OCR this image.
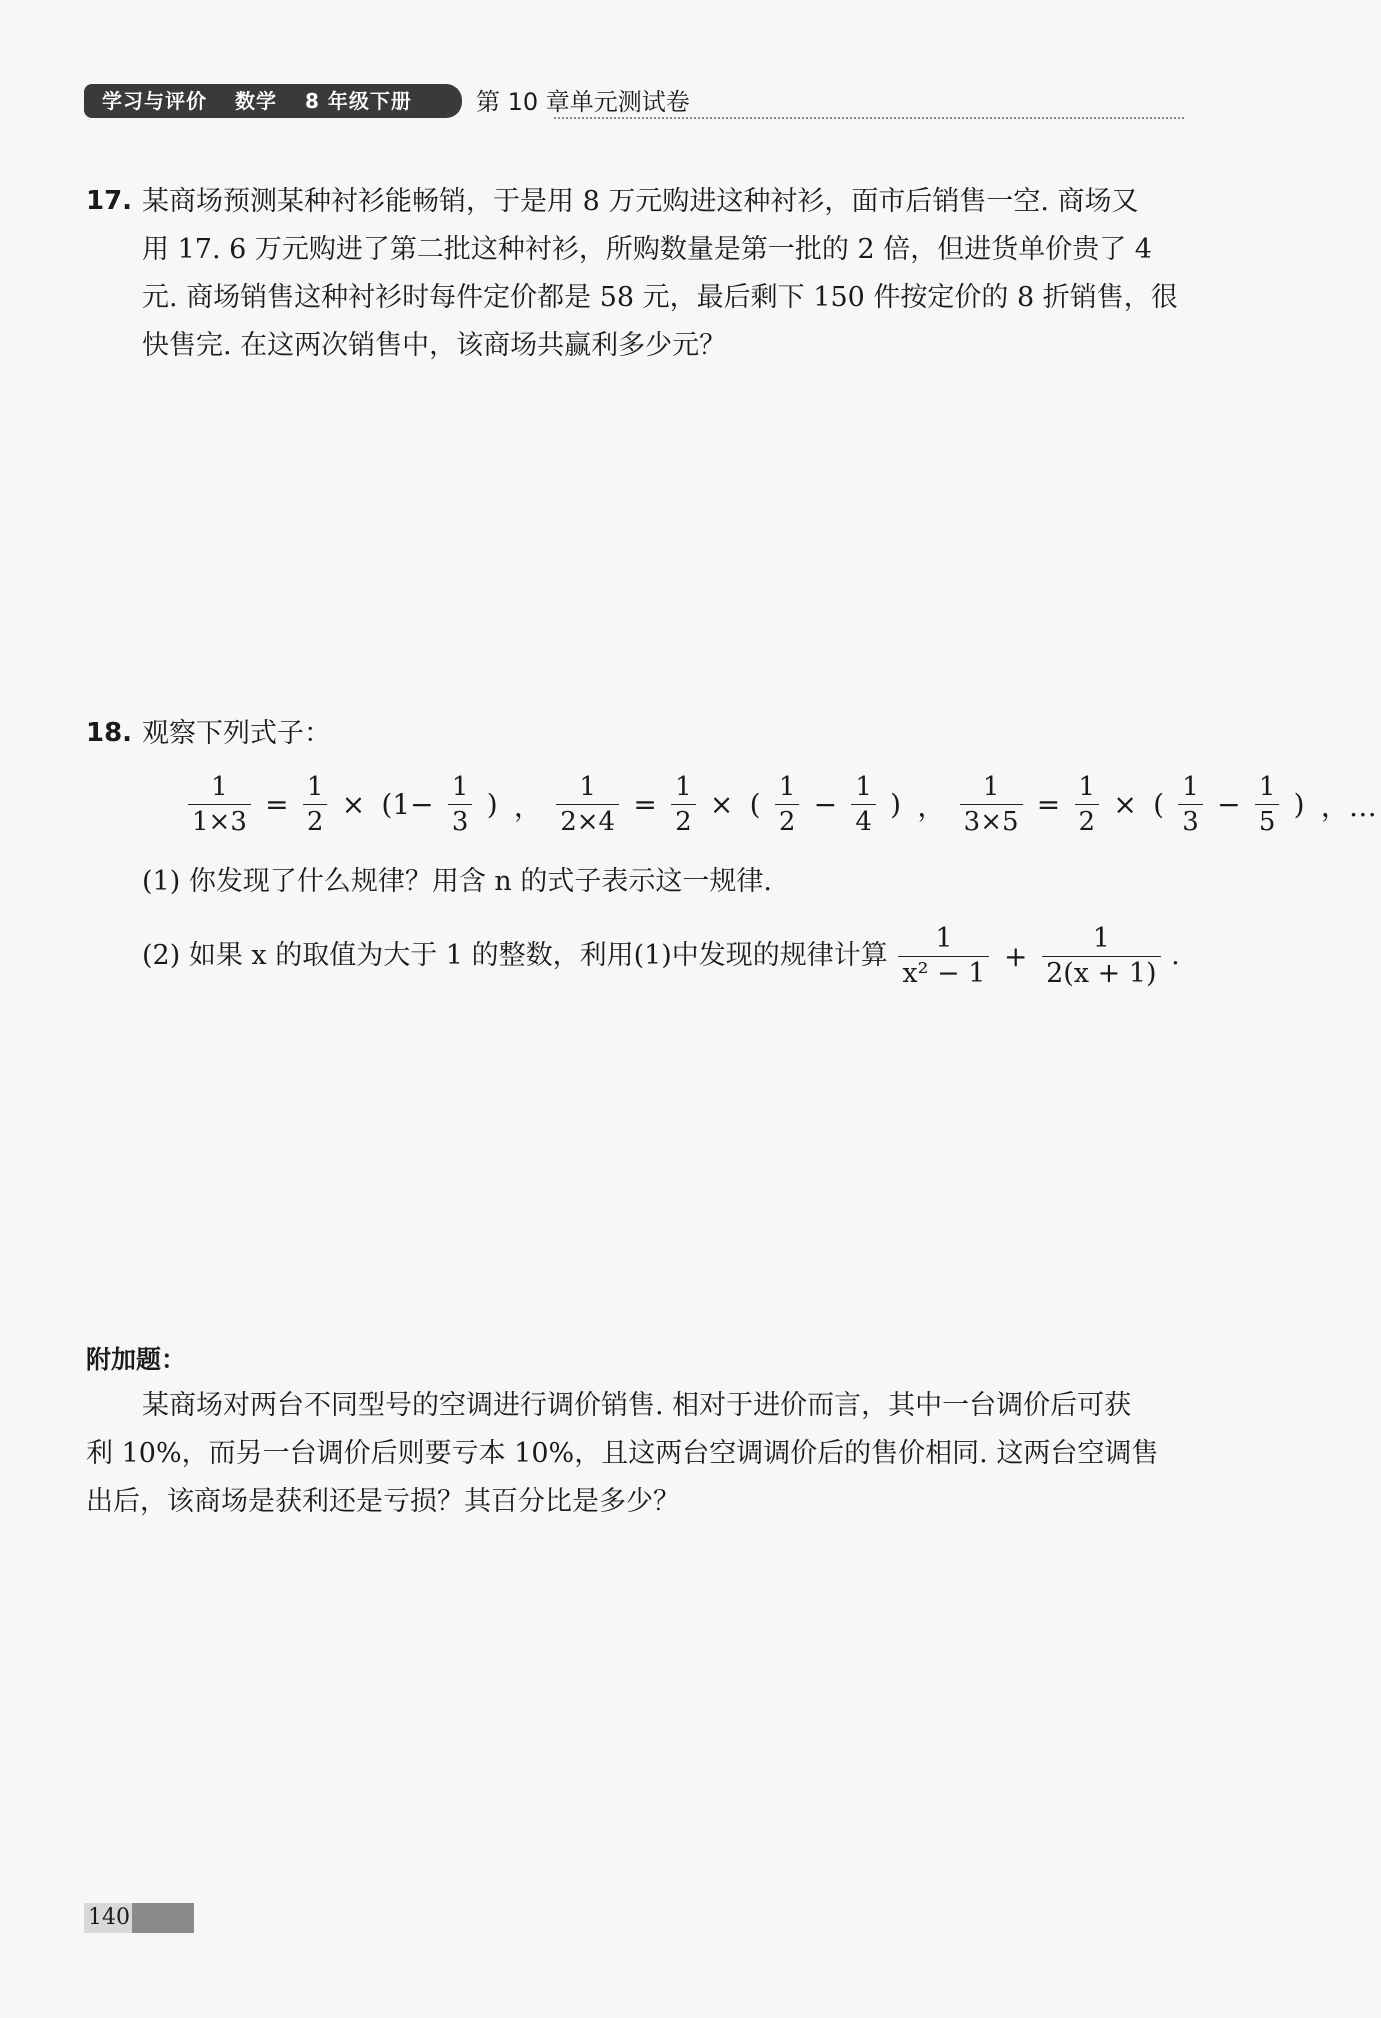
学习与评价 数学 8 年级下册	第 10 章单元测试卷
17. 某商场预测某种衬衫能畅销，于是用 8 万元购进这种衬衫，面市后销售一空. 商场又
用 17. 6 万元购进了第二批这种衬衫，所购数量是第一批的 2 倍，但进货单价贵了 4
元. 商场销售这种衬衫时每件定价都是 58 元，最后剩下 150 件按定价的 8 折销售，很
快售完. 在这两次销售中，该商场共赢利多少元？
18. 观察下列式子：
$\frac{1}{1\times 3} = \frac{1}{2} \times (1- \frac{1}{3}$ ) ， $\frac{1}{2\times 4} = \frac{1}{2}$ × ( $\frac{1}{2} - \frac{1}{4}$ ) ， $\frac{1}{3\times 5} = \frac{1}{2}$ × ( $\frac{1}{3} - \frac{1}{5}$ ) ，…
(1) 你发现了什么规律？用含 n 的式子表示这一规律.
(2) 如果 x 的取值为大于 1 的整数，利用(1)中发现的规律计算 $\frac{1}{\text{x² − 1}} + \frac{1}{2(x + 1)}$ .
附加题：
某商场对两台不同型号的空调进行调价销售. 相对于进价而言，其中一台调价后可获
利 10%，而另一台调价后则要亏本 10%，且这两台空调调价后的售价相同. 这两台空调售
出后，该商场是获利还是亏损？其百分比是多少？
140
